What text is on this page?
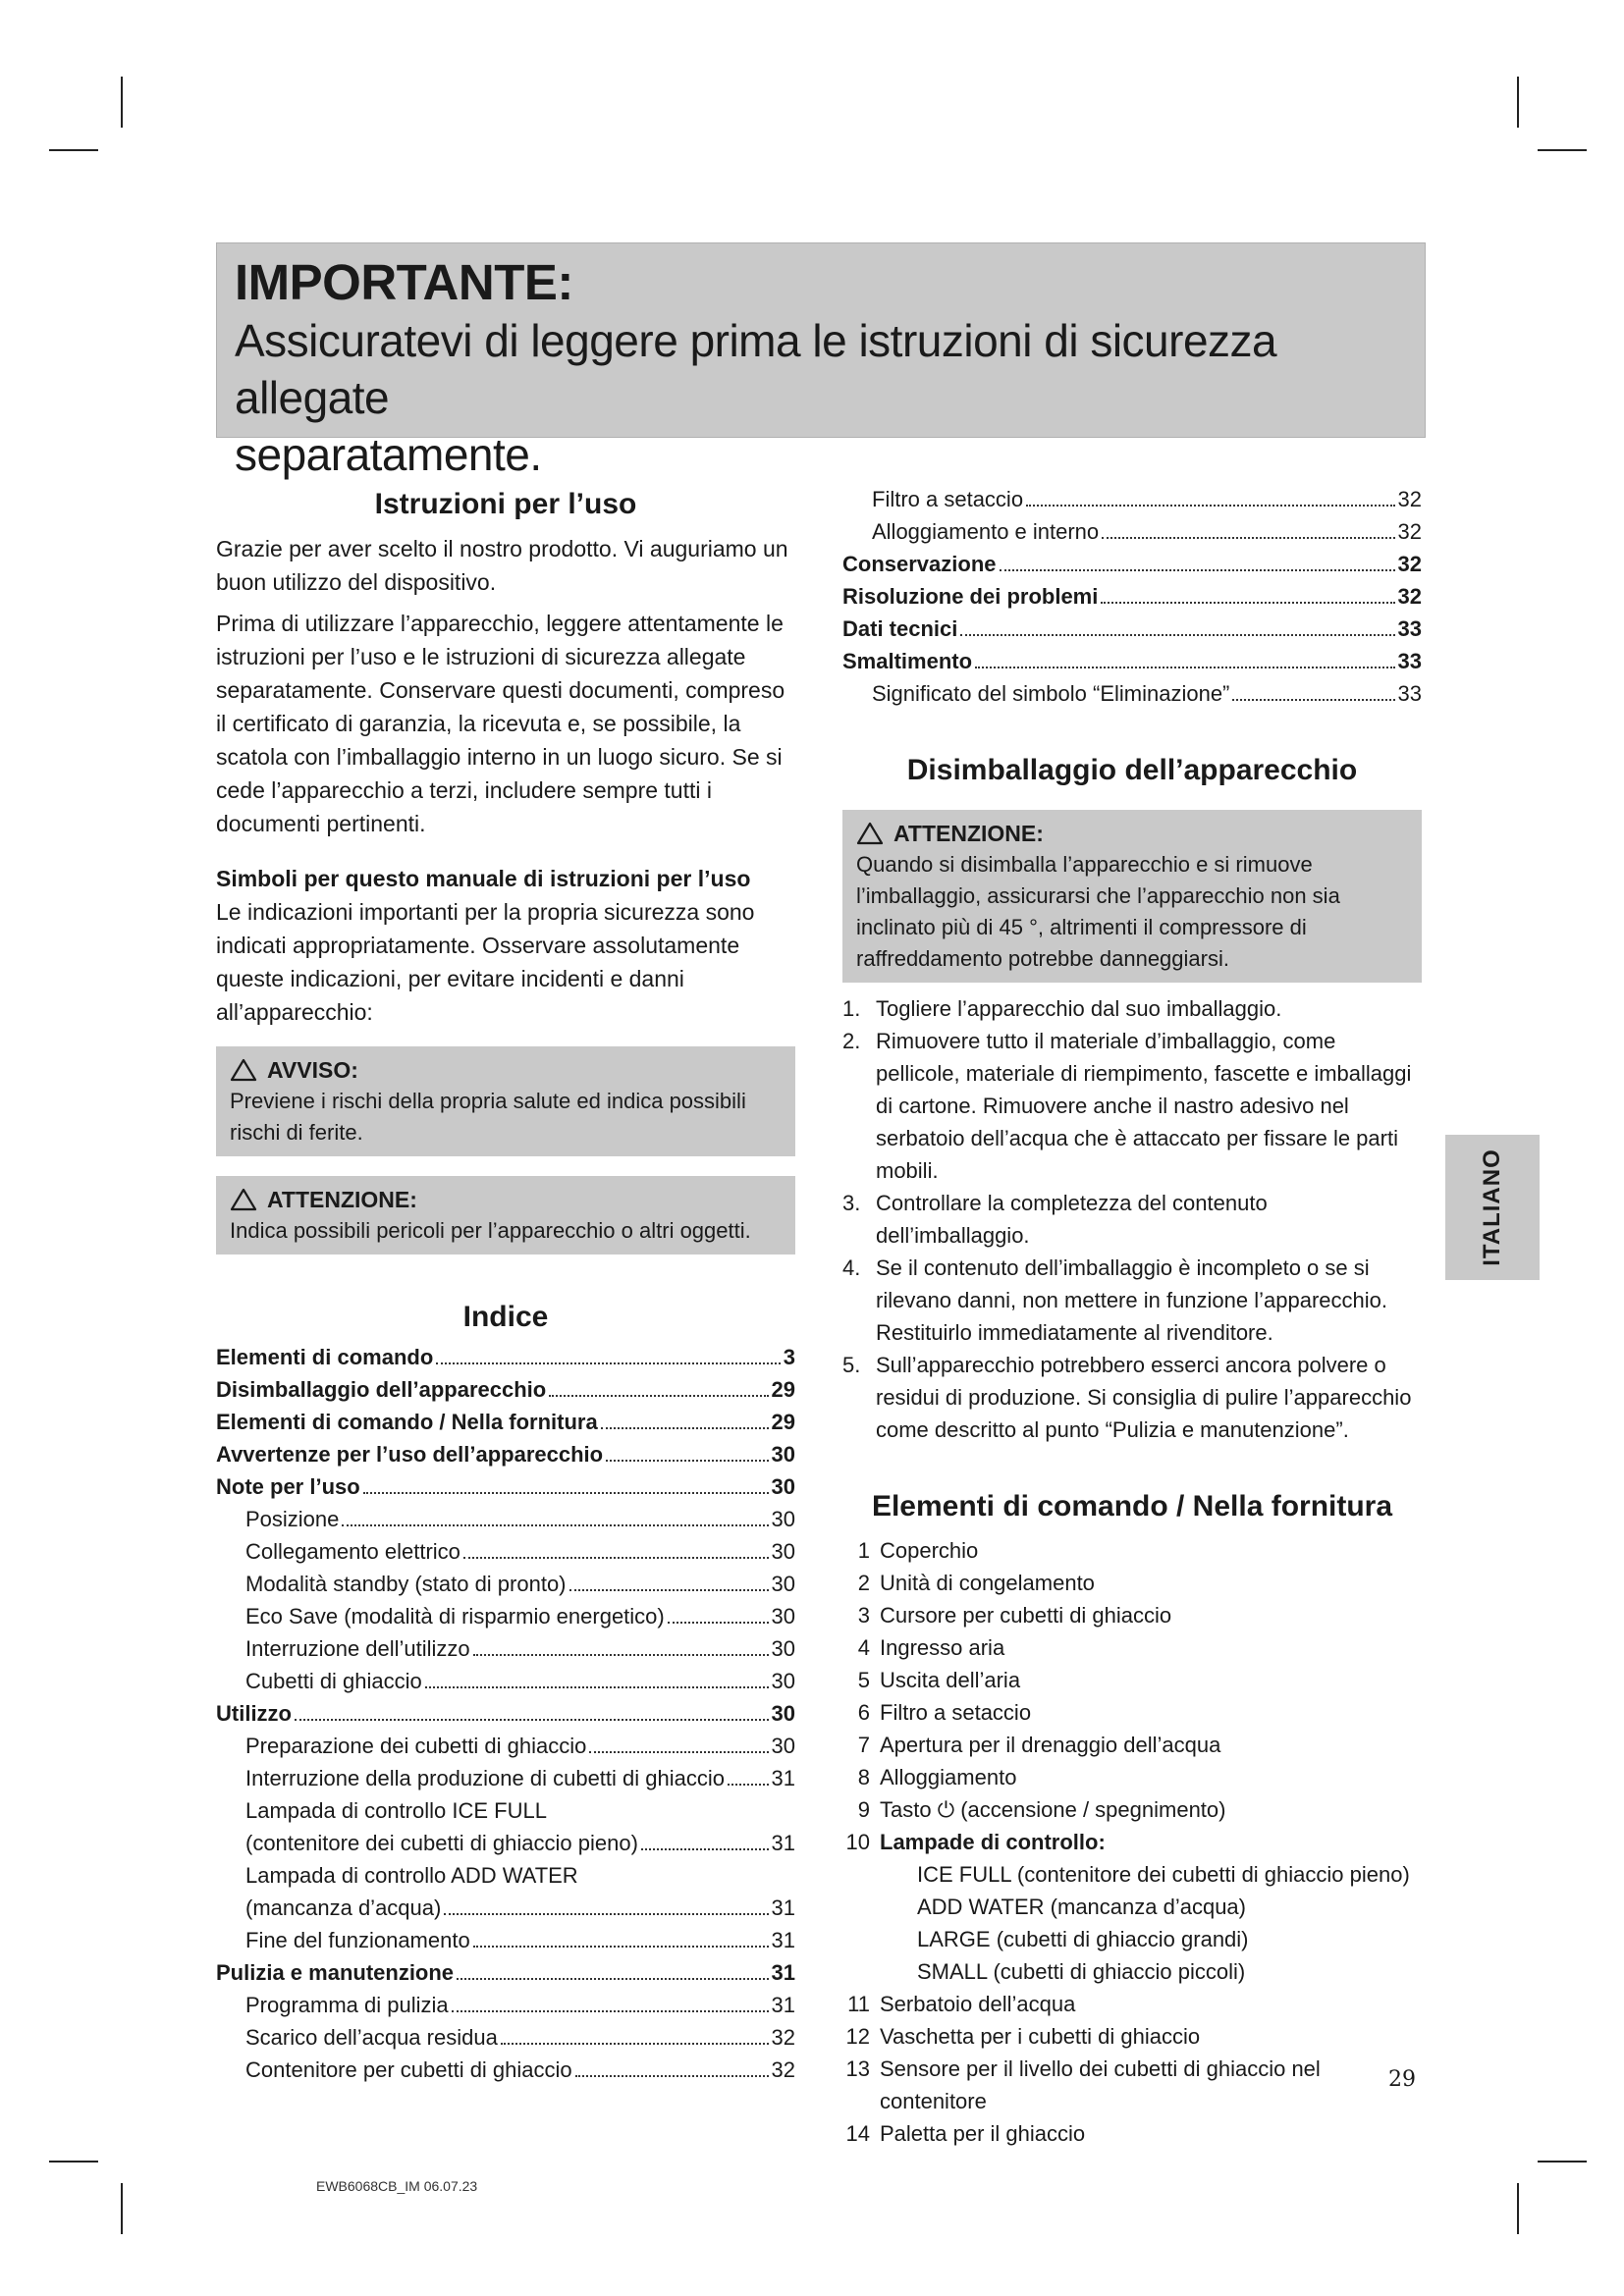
IMPORTANTE:

Assicuratevi di leggere prima le istruzioni di sicurezza allegate

separatamente.

Istruzioni per l’uso

Grazie per aver scelto il nostro prodotto. Vi auguriamo un buon utilizzo del dispositivo.

Prima di utilizzare l’apparecchio, leggere attentamente le istruzioni per l’uso e le istruzioni di sicurezza allegate separatamente. Conservare questi documenti, compreso il certificato di garanzia, la ricevuta e, se possibile, la scatola con l’imballaggio interno in un luogo sicuro. Se si cede l’apparecchio a terzi, includere sempre tutti i documenti pertinenti.

Simboli per questo manuale di istruzioni per l’uso

Le indicazioni importanti per la propria sicurezza sono indicati appropriatamente. Osservare assolutamente queste indicazioni, per evitare incidenti e danni all’apparecchio:

AVVISO:
Previene i rischi della propria salute ed indica possibili rischi di ferite.
ATTENZIONE:
Indica possibili pericoli per l’apparecchio o altri oggetti.
Indice
Elementi di comando	3
Disimballaggio dell’apparecchio	29
Elementi di comando / Nella fornitura	29
Avvertenze per l’uso dell’apparecchio	30
Note per l’uso	30
Posizione	30
Collegamento elettrico	30
Modalità standby (stato di pronto)	30
Eco Save (modalità di risparmio energetico)	30
Interruzione dell’utilizzo	30
Cubetti di ghiaccio	30
Utilizzo	30
Preparazione dei cubetti di ghiaccio	30
Interruzione della produzione di cubetti di ghiaccio 31
Lampada di controllo ICE FULL
(contenitore dei cubetti di ghiaccio pieno)	31
Lampada di controllo ADD WATER
(mancanza d’acqua)	31
Fine del funzionamento	31
Pulizia e manutenzione	31
Programma di pulizia	31
Scarico dell’acqua residua	32
Contenitore per cubetti di ghiaccio	32
Filtro a setaccio	32
Alloggiamento e interno	32
Conservazione	32
Risoluzione dei problemi	32
Dati tecnici	33
Smaltimento	33
Significato del simbolo “Eliminazione”	33
Disimballaggio dell’apparecchio
ATTENZIONE:
Quando si disimballa l’apparecchio e si rimuove l’imballaggio, assicurarsi che l’apparecchio non sia inclinato più di 45 °, altrimenti il compressore di raffreddamento potrebbe danneggiarsi.
1. Togliere l’apparecchio dal suo imballaggio.
2. Rimuovere tutto il materiale d’imballaggio, come pellicole, materiale di riempimento, fascette e imballaggi di cartone. Rimuovere anche il nastro adesivo nel serbatoio dell’acqua che è attaccato per fissare le parti mobili.
3. Controllare la completezza del contenuto dell’imballaggio.
4. Se il contenuto dell’imballaggio è incompleto o se si rilevano danni, non mettere in funzione l’apparecchio. Restituirlo immediatamente al rivenditore.
5. Sull’apparecchio potrebbero esserci ancora polvere o residui di produzione. Si consiglia di pulire l’apparecchio come descritto al punto “Pulizia e manutenzione”.
Elementi di comando / Nella fornitura
1 Coperchio
2 Unità di congelamento
3 Cursore per cubetti di ghiaccio
4 Ingresso aria
5 Uscita dell’aria
6 Filtro a setaccio
7 Apertura per il drenaggio dell’acqua
8 Alloggiamento
9 Tasto ⏻ (accensione / spegnimento)
10 Lampade di controllo:
ICE FULL (contenitore dei cubetti di ghiaccio pieno)
ADD WATER (mancanza d’acqua)
LARGE (cubetti di ghiaccio grandi)
SMALL (cubetti di ghiaccio piccoli)
11 Serbatoio dell’acqua
12 Vaschetta per i cubetti di ghiaccio
13 Sensore per il livello dei cubetti di ghiaccio nel contenitore
14 Paletta per il ghiaccio
ITALIANO
29
EWB6068CB_IM 06.07.23
